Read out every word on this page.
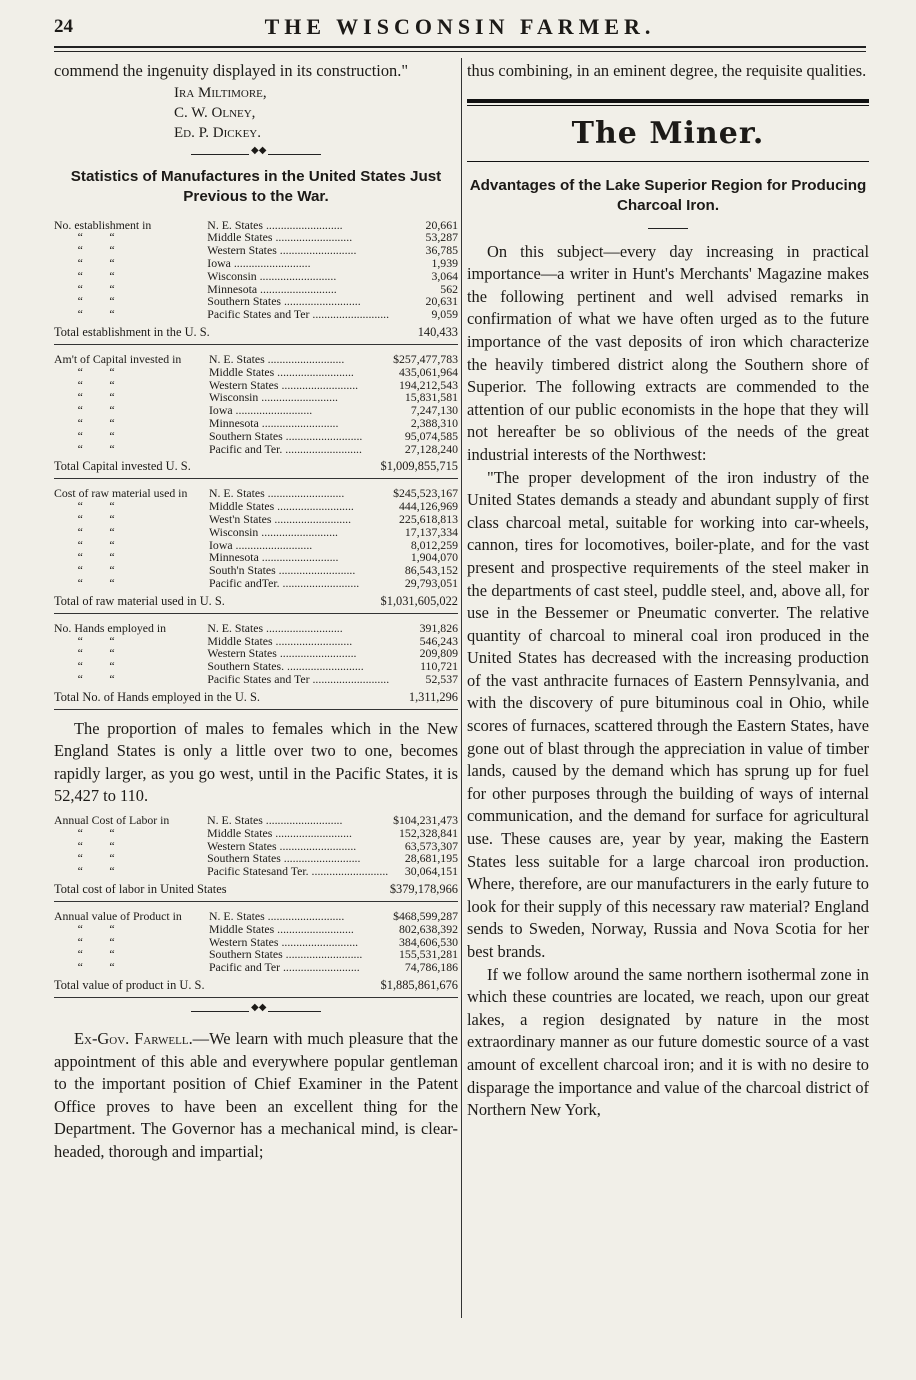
24	THE WISCONSIN FARMER.

commend the ingenuity displayed in its construction."

Ira Miltimore,
C. W. Olney,
Ed. P. Dickey.
◆◆
Statistics of Manufactures in the United States Just Previous to the War.
No. establishment in	N. E. States ..........................	20,661
“         “	Middle States ..........................	53,287
“         “	Western States ..........................	36,785
“         “	Iowa ..........................	1,939
“         “	Wisconsin ..........................	3,064
“         “	Minnesota ..........................	562
“         “	Southern States ..........................	20,631
“         “	Pacific States and Ter ..........................	9,059
Total establishment in the U. S.	140,433
Am't of Capital invested in	N. E. States ..........................	$257,477,783
“         “	Middle States ..........................	435,061,964
“         “	Western States ..........................	194,212,543
“         “	Wisconsin ..........................	15,831,581
“         “	Iowa ..........................	7,247,130
“         “	Minnesota ..........................	2,388,310
“         “	Southern States ..........................	95,074,585
“         “	Pacific and Ter. ..........................	27,128,240
Total Capital invested U. S.	$1,009,855,715
Cost of raw material used in	N. E. States ..........................	$245,523,167
“         “	Middle States ..........................	444,126,969
“         “	West'n States ..........................	225,618,813
“         “	Wisconsin ..........................	17,137,334
“         “	Iowa ..........................	8,012,259
“         “	Minnesota ..........................	1,904,070
“         “	South'n States ..........................	86,543,152
“         “	Pacific andTer. ..........................	29,793,051
Total of raw material used in U. S.	$1,031,605,022
No. Hands employed in	N. E. States ..........................	391,826
“         “	Middle States ..........................	546,243
“         “	Western States ..........................	209,809
“         “	Southern States. ..........................	110,721
“         “	Pacific States and Ter ..........................	52,537
Total No. of Hands employed in the U. S.	1,311,296

The proportion of males to females which in the New England States is only a little over two to one, becomes rapidly larger, as you go west, until in the Pacific States, it is 52,427 to 110.

Annual Cost of Labor in	N. E. States ..........................	$104,231,473
“         “	Middle States ..........................	152,328,841
“         “	Western States ..........................	63,573,307
“         “	Southern States ..........................	28,681,195
“         “	Pacific Statesand Ter. ..........................	30,064,151
Total cost of labor in United States	$379,178,966
Annual value of Product in	N. E. States ..........................	$468,599,287
“         “	Middle States ..........................	802,638,392
“         “	Western States ..........................	384,606,530
“         “	Southern States ..........................	155,531,281
“         “	Pacific and Ter ..........................	74,786,186
Total value of product in U. S.	$1,885,861,676
◆◆

Ex-Gov. Farwell.—We learn with much pleasure that the appointment of this able and everywhere popular gentleman to the important position of Chief Examiner in the Patent Office proves to have been an excellent thing for the Department. The Governor has a mechanical mind, is clear-headed, thorough and impartial;

thus combining, in an eminent degree, the requisite qualities.

The Miner.
Advantages of the Lake Superior Region for Producing Charcoal Iron.

On this subject—every day increasing in practical importance—a writer in Hunt's Merchants' Magazine makes the following pertinent and well advised remarks in confirmation of what we have often urged as to the future importance of the vast deposits of iron which characterize the heavily timbered district along the Southern shore of Superior. The following extracts are commended to the attention of our public economists in the hope that they will not hereafter be so oblivious of the needs of the great industrial interests of the Northwest:

"The proper development of the iron industry of the United States demands a steady and abundant supply of first class charcoal metal, suitable for working into car-wheels, cannon, tires for locomotives, boiler-plate, and for the vast present and prospective requirements of the steel maker in the departments of cast steel, puddle steel, and, above all, for use in the Bessemer or Pneumatic converter. The relative quantity of charcoal to mineral coal iron produced in the United States has decreased with the increasing production of the vast anthracite furnaces of Eastern Pennsylvania, and with the discovery of pure bituminous coal in Ohio, while scores of furnaces, scattered through the Eastern States, have gone out of blast through the appreciation in value of timber lands, caused by the demand which has sprung up for fuel for other purposes through the building of ways of internal communication, and the demand for surface for agricultural use. These causes are, year by year, making the Eastern States less suitable for a large charcoal iron production. Where, therefore, are our manufacturers in the early future to look for their supply of this necessary raw material? England sends to Sweden, Norway, Russia and Nova Scotia for her best brands.

If we follow around the same northern isothermal zone in which these countries are located, we reach, upon our great lakes, a region designated by nature in the most extraordinary manner as our future domestic source of a vast amount of excellent charcoal iron; and it is with no desire to disparage the importance and value of the charcoal district of Northern New York,
